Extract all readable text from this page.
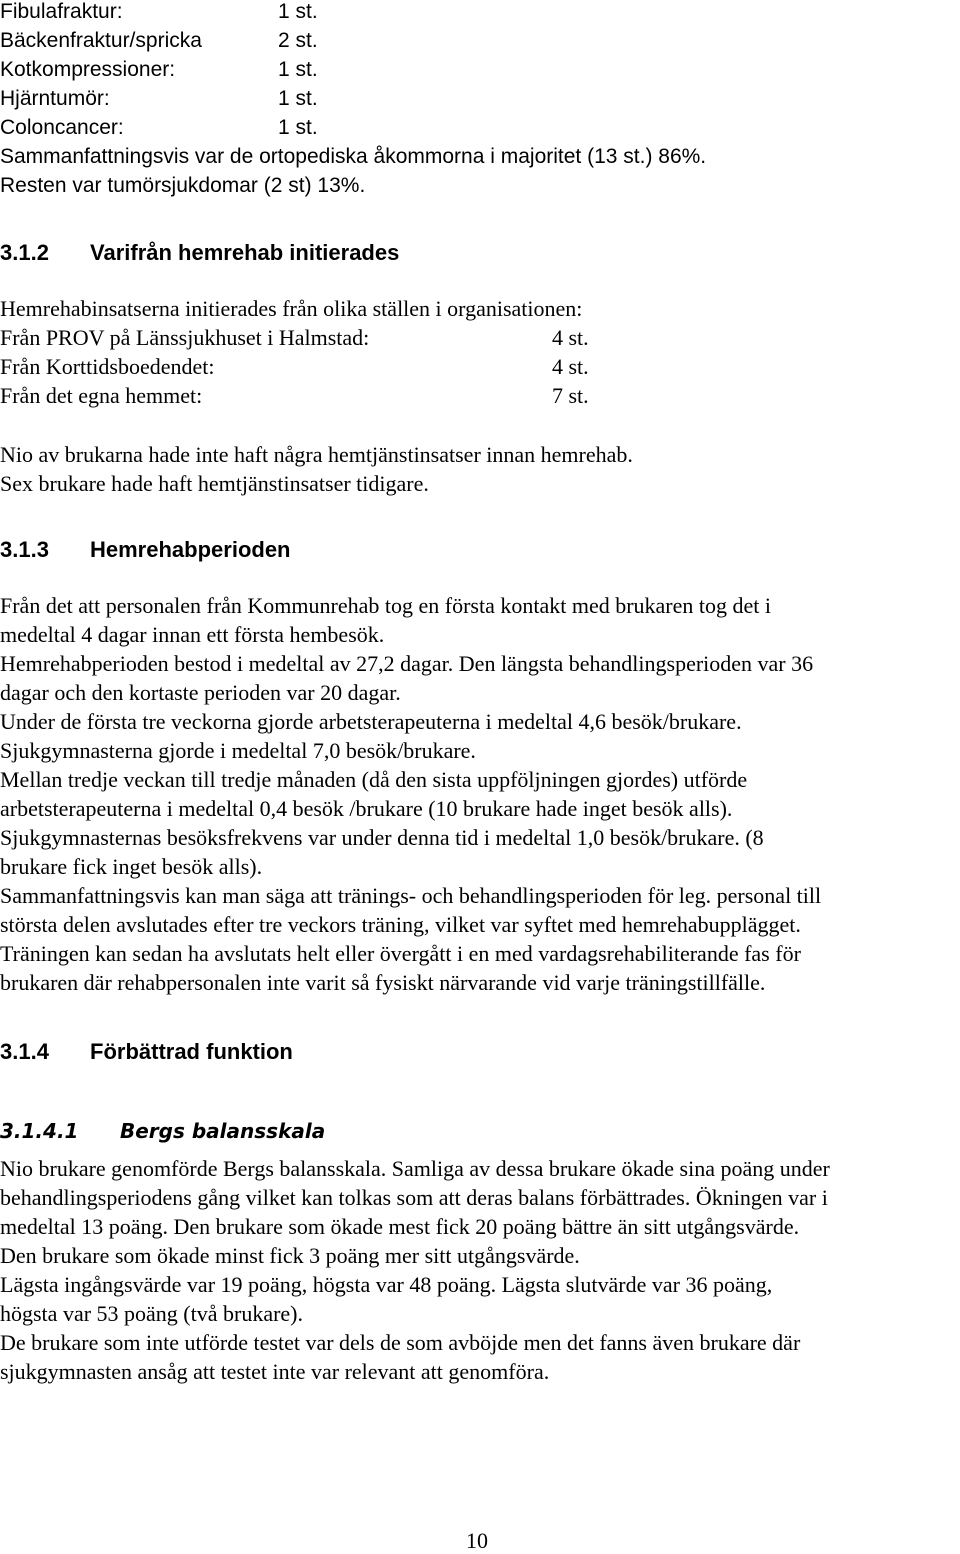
Fibulafraktur:	1 st.
Bäckenfraktur/spricka	2 st.
Kotkompressioner:	1 st.
Hjärntumör:	1 st.
Coloncancer:	1 st.
Sammanfattningsvis var de ortopediska åkommorna i majoritet (13 st.) 86%.
Resten var tumörsjukdomar (2 st) 13%.
3.1.2 Varifrån hemrehab initierades
Hemrehabinsatserna initierades från olika ställen i organisationen:
Från PROV på Länssjukhuset i Halmstad:	4 st.
Från Korttidsboedendet:	4 st.
Från det egna hemmet:	7 st.
Nio av brukarna hade inte haft några hemtjänstinsatser innan hemrehab.
Sex brukare hade haft hemtjänstinsatser tidigare.
3.1.3 Hemrehabperioden
Från det att personalen från Kommunrehab tog en första kontakt med brukaren tog det i
medeltal 4 dagar innan ett första hembesök.
Hemrehabperioden bestod i medeltal av 27,2 dagar. Den längsta behandlingsperioden var 36
dagar och den kortaste perioden var 20 dagar.
Under de första tre veckorna gjorde arbetsterapeuterna i medeltal 4,6 besök/brukare.
Sjukgymnasterna gjorde i medeltal 7,0 besök/brukare.
Mellan tredje veckan till tredje månaden (då den sista uppföljningen gjordes) utförde
arbetsterapeuterna i medeltal 0,4 besök /brukare (10 brukare hade inget besök alls).
Sjukgymnasternas besöksfrekvens var under denna tid i medeltal 1,0 besök/brukare. (8
brukare fick inget besök alls).
Sammanfattningsvis kan man säga att tränings- och behandlingsperioden för leg. personal till
största delen avslutades efter tre veckors träning, vilket var syftet med hemrehabupplägget.
Träningen kan sedan ha avslutats helt eller övergått i en med vardagsrehabiliterande fas för
brukaren där rehabpersonalen inte varit så fysiskt närvarande vid varje träningstillfälle.
3.1.4 Förbättrad funktion
3.1.4.1 Bergs balansskala
Nio brukare genomförde Bergs balansskala. Samliga av dessa brukare ökade sina poäng under
behandlingsperiodens gång vilket kan tolkas som att deras balans förbättrades. Ökningen var i
medeltal 13 poäng. Den brukare som ökade mest fick 20 poäng bättre än sitt utgångsvärde.
Den brukare som ökade minst fick 3 poäng mer sitt utgångsvärde.
Lägsta ingångsvärde var 19 poäng, högsta var 48 poäng. Lägsta slutvärde var 36 poäng,
högsta var 53 poäng (två brukare).
De brukare som inte utförde testet var dels de som avböjde men det fanns även brukare där
sjukgymnasten ansåg att testet inte var relevant att genomföra.
10
